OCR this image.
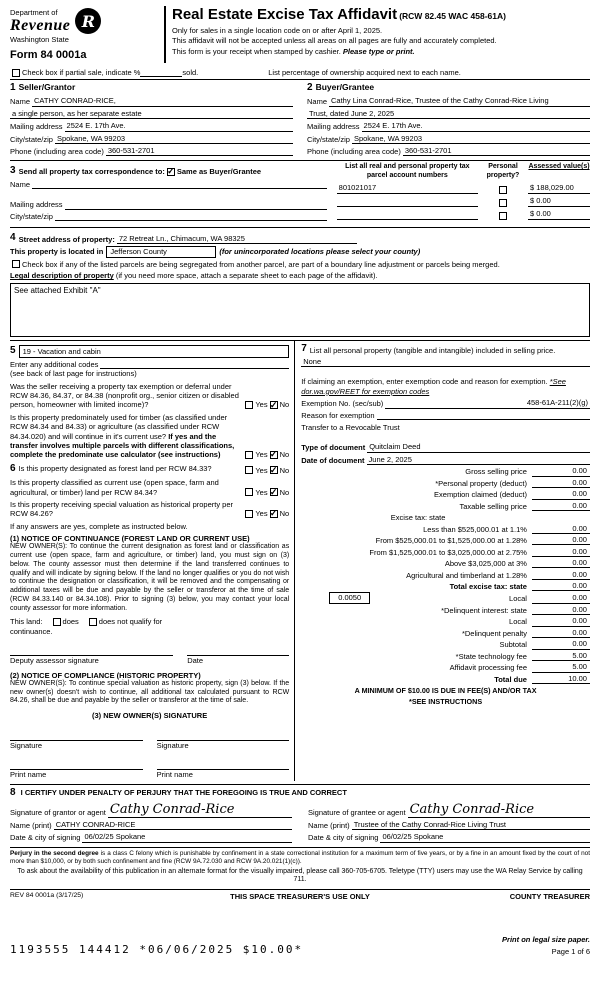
Department of
Revenue
Washington State
R
Form 84 0001a
Real Estate Excise Tax Affidavit (RCW 82.45 WAC 458-61A)
Only for sales in a single location code on or after April 1, 2025.
This affidavit will not be accepted unless all areas on all pages are fully and accurately completed.
This form is your receipt when stamped by cashier. Please type or print.
Check box if partial sale, indicate %	sold.	List percentage of ownership acquired next to each name.
1 Seller/Grantor
Name CATHY CONRAD-RICE,
a single person, as her separate estate
Mailing address 2524 E. 17th Ave.
City/state/zip Spokane, WA 99203
Phone (including area code) 360-531-2701
2 Buyer/Grantee
Name Cathy Lina Conrad-Rice, Trustee of the Cathy Conrad-Rice Living
Trust, dated June 2, 2025
Mailing address 2524 E. 17th Ave.
City/state/zip Spokane, WA 99203
Phone (including area code) 360-531-2701
3 Send all property tax correspondence to: ✓ Same as Buyer/Grantee
Name
Mailing address
City/state/zip
List all real and personal property tax parcel account numbers
Personal property?
Assessed value(s)
801021017	$ 188,029.00
$ 0.00
$ 0.00
4 Street address of property: 72 Retreat Ln., Chimacum, WA 98325
This property is located in Jefferson County	(for unincorporated locations please select your county)
Check box if any of the listed parcels are being segregated from another parcel, are part of a boundary line adjustment or parcels being merged.
Legal description of property
(if you need more space, attach a separate sheet to each page of the affidavit).
See attached Exhibit "A"
5 19 - Vacation and cabin
Enter any additional codes
(see back of last page for instructions)
Was the seller receiving a property tax exemption or deferral under RCW 84.36, 84.37, or 84.38 (nonprofit org., senior citizen or disabled person, homeowner with limited income)?	Yes ✓ No
Is this property predominately used for timber (as classified under RCW 84.34 and 84.33) or agriculture (as classified under RCW 84.34.020) and will continue in it's current use? If yes and the transfer involves multiple parcels with different classifications, complete the predominate use calculator (see instructions)	Yes ✓ No
6 Is this property designated as forest land per RCW 84.33?	Yes ✓ No
Is this property classified as current use (open space, farm and agricultural, or timber) land per RCW 84.34?	Yes ✓ No
Is this property receiving special valuation as historical property per RCW 84.26?	Yes ✓ No
If any answers are yes, complete as instructed below.
(1) NOTICE OF CONTINUANCE (FOREST LAND OR CURRENT USE)
NEW OWNER(S): To continue the current designation as forest land or classification as current use (open space, farm and agriculture, or timber) land, you must sign on (3) below. The county assessor must then determine if the land transferred continues to qualify and will indicate by signing below. If the land no longer qualifies or you do not wish to continue the designation or classification, it will be removed and the compensating or additional taxes will be due and payable by the seller or transferor at the time of sale (RCW 84.33.140 or 84.34.108). Prior to signing (3) below, you may contact your local county assessor for more information.
This land:	does	does not qualify for
continuance.
Deputy assessor signature	Date
(2) NOTICE OF COMPLIANCE (HISTORIC PROPERTY)
NEW OWNER(S): To continue special valuation as historic property, sign (3) below. If the new owner(s) doesn't wish to continue, all additional tax calculated pursuant to RCW 84.26, shall be due and payable by the seller or transferor at the time of sale.
(3) NEW OWNER(S) SIGNATURE
Signature	Signature
Print name	Print name
7 List all personal property (tangible and intangible) included in selling price.
None
If claiming an exemption, enter exemption code and reason for exemption. *See dor.wa.gov/REET for exemption codes
Exemption No. (sec/sub)	458-61A-211(2)(g)
Reason for exemption
Transfer to a Revocable Trust
Type of document Quitclaim Deed
Date of document June 2, 2025
Gross selling price	0.00
*Personal property (deduct)	0.00
Exemption claimed (deduct)	0.00
Taxable selling price	0.00
Excise tax: state
Less than $525,000.01 at 1.1%	0.00
From $525,000.01 to $1,525,000.00 at 1.28%	0.00
From $1,525,000.01 to $3,025,000.00 at 2.75%	0.00
Above $3,025,000 at 3%	0.00
Agricultural and timberland at 1.28%	0.00
Total excise tax: state	0.00
0.0050	Local	0.00
*Delinquent interest: state	0.00
Local	0.00
*Delinquent penalty	0.00
Subtotal	0.00
*State technology fee	5.00
Affidavit processing fee	5.00
Total due	10.00
A MINIMUM OF $10.00 IS DUE IN FEE(S) AND/OR TAX
*SEE INSTRUCTIONS
8 I CERTIFY UNDER PENALTY OF PERJURY THAT THE FOREGOING IS TRUE AND CORRECT
Signature of grantor or agent Cathy Conrad-Rice
Name (print) CATHY CONRAD-RICE
Date & city of signing 06/02/25 Spokane
Signature of grantee or agent Cathy Conrad-Rice
Name (print) Trustee of the Cathy Conrad-Rice Living Trust
Date & city of signing 06/02/25 Spokane
Perjury in the second degree is a class C felony which is punishable by confinement in a state correctional institution for a maximum term of five years, or by a fine in an amount fixed by the court of not more than $10,000, or by both such confinement and fine (RCW 9A.72.030 and RCW 9A.20.021(1)(c)).
To ask about the availability of this publication in an alternate format for the visually impaired, please call 360-705-6705. Teletype (TTY) users may use the WA Relay Service by calling 711.
REV 84 0001a (3/17/25)	THIS SPACE TREASURER'S USE ONLY	COUNTY TREASURER
1193555 144412 *06/06/2025 $10.00*
Print on legal size paper.
Page 1 of 6
